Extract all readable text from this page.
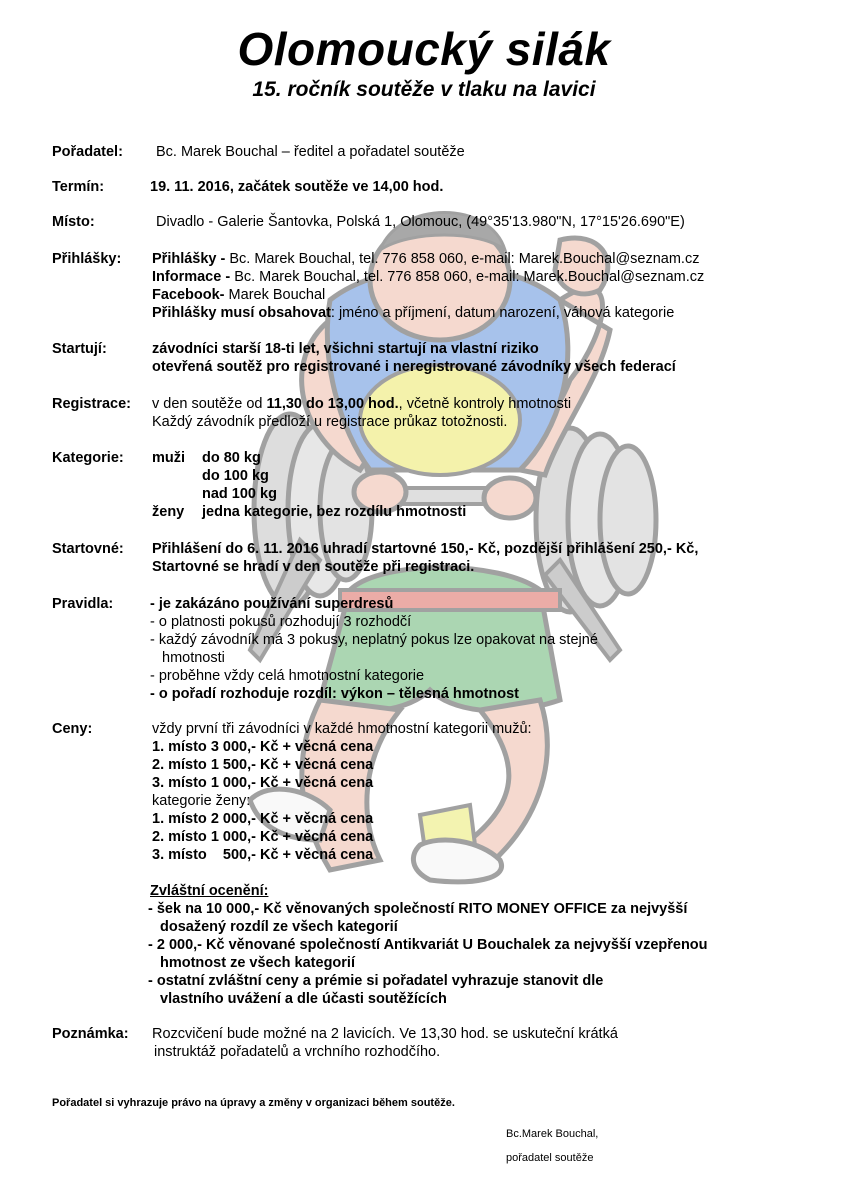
Olomoucký silák
15. ročník soutěže v tlaku na lavici
Pořadatel: Bc. Marek Bouchal – ředitel a pořadatel soutěže
Termín:	19. 11. 2016, začátek soutěže ve 14,00 hod.
Místo:	Divadlo - Galerie Šantovka, Polská 1, Olomouc, (49°35'13.980"N, 17°15'26.690"E)
Přihlášky: Přihlášky - Bc. Marek Bouchal, tel. 776 858 060, e-mail: Marek.Bouchal@seznam.cz
Informace - Bc. Marek Bouchal, tel. 776 858 060, e-mail: Marek.Bouchal@seznam.cz
Facebook- Marek Bouchal
Přihlášky musí obsahovat: jméno a příjmení, datum narození, váhová kategorie
Startují:	závodníci starší 18-ti let, všichni startují na vlastní riziko
otevřená soutěž pro registrované i neregistrované závodníky všech federací
Registrace: v den soutěže od 11,30 do 13,00 hod., včetně kontroly hmotnosti
Každý závodník předloží u registrace průkaz totožnosti.
Kategorie: muži	do 80 kg
do 100 kg
nad 100 kg
ženy	jedna kategorie, bez rozdílu hmotnosti
Startovné: Přihlášení do 6. 11. 2016 uhradí startovné 150,- Kč, pozdější přihlášení 250,- Kč,
Startovné se hradí v den soutěže při registraci.
Pravidla:	- je zakázáno používání superdresů
- o platnosti pokusů rozhodují 3 rozhodčí
- každý závodník má 3 pokusy, neplatný pokus lze opakovat na stejné
hmotnosti
- proběhne vždy celá hmotnostní kategorie
- o pořadí rozhoduje rozdíl: výkon – tělesná hmotnost
Ceny:	vždy první tři závodníci v každé hmotnostní kategorii mužů:
1. místo 3 000,- Kč + věcná cena
2. místo 1 500,- Kč + věcná cena
3. místo 1 000,- Kč + věcná cena
kategorie ženy:
1. místo 2 000,- Kč + věcná cena
2. místo 1 000,- Kč + věcná cena
3. místo    500,- Kč + věcná cena
Zvláštní ocenění:
- šek na 10 000,- Kč věnovaných společností RITO MONEY OFFICE za nejvyšší
dosažený rozdíl ze všech kategorií
- 2 000,- Kč věnované společností Antikvariát U Bouchalek za nejvyšší vzepřenou
hmotnost ze všech kategorií
- ostatní zvláštní ceny a prémie si pořadatel vyhrazuje stanovit dle
vlastního uvážení a dle účasti soutěžících
Poznámka: Rozcvičení bude možné na 2 lavicích. Ve 13,30 hod. se uskuteční krátká
instruktáž pořadatelů a vrchního rozhodčího.
Pořadatel si vyhrazuje právo na úpravy a změny v organizaci během soutěže.
Bc.Marek Bouchal,
pořadatel soutěže
